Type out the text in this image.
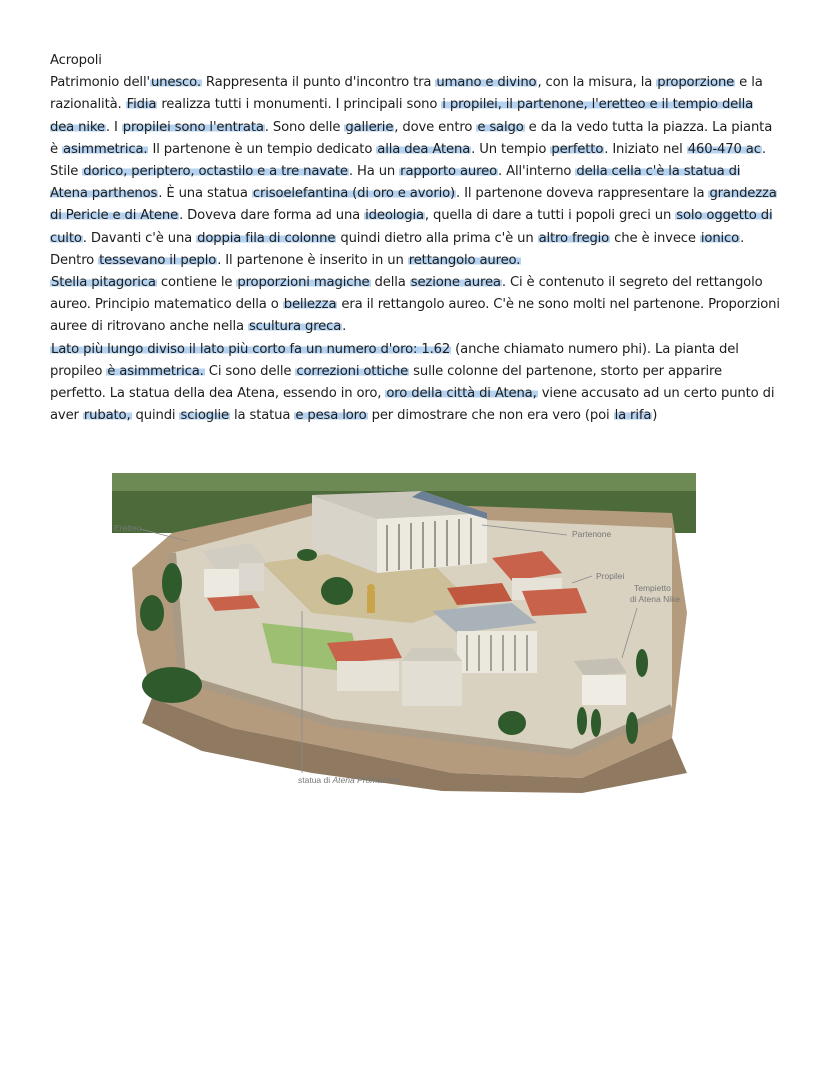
Acropoli

Patrimonio dell'unesco. Rappresenta il punto d'incontro tra umano e divino, con la misura, la proporzione e la razionalità. Fidia realizza tutti i monumenti. I principali sono i propilei, il partenone, l'eretteo e il tempio della dea nike. I propilei sono l'entrata. Sono delle gallerie, dove entro e salgo e da la vedo tutta la piazza. La pianta è asimmetrica. Il partenone è un tempio dedicato alla dea Atena. Un tempio perfetto. Iniziato nel 460-470 ac. Stile dorico, periptero, octastilo e a tre navate. Ha un rapporto aureo. All'interno della cella c'è la statua di Atena parthenos. È una statua crisoelefantina (di oro e avorio). Il partenone doveva rappresentare la grandezza di Pericle e di Atene. Doveva dare forma ad una ideologia, quella di dare a tutti i popoli greci un solo oggetto di culto. Davanti c'è una doppia fila di colonne quindi dietro alla prima c'è un altro fregio che è invece ionico. Dentro tessevano il peplo. Il partenone è inserito in un rettangolo aureo.

Stella pitagorica contiene le proporzioni magiche della sezione aurea. Ci è contenuto il segreto del rettangolo aureo. Principio matematico della o bellezza era il rettangolo aureo. C'è ne sono molti nel partenone. Proporzioni auree di ritrovano anche nella scultura greca.

Lato più lungo diviso il lato più corto fa un numero d'oro: 1.62 (anche chiamato numero phi). La pianta del propileo è asimmetrica. Ci sono delle correzioni ottiche sulle colonne del partenone, storto per apparire perfetto. La statua della dea Atena, essendo in oro, oro della città di Atena, viene accusato ad un certo punto di aver rubato, quindi scioglie la statua e pesa loro per dimostrare che non era vero (poi la rifa)

Eretteo
Partenone
Propilei
Tempietto
di Atena Nike
statua di Atena Prómachos
